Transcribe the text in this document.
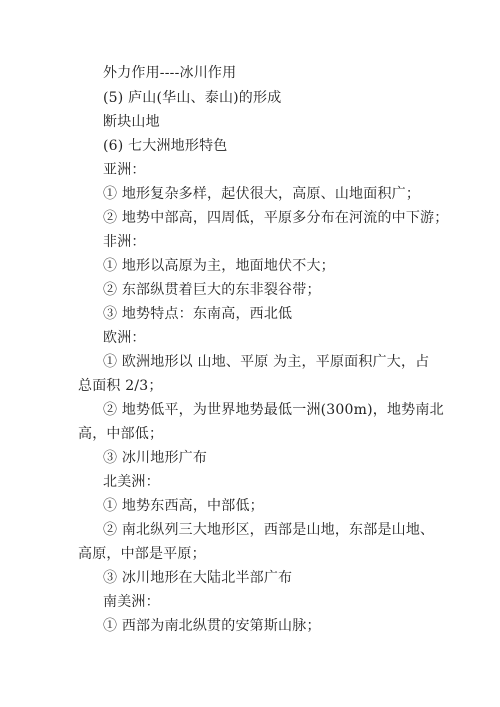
外力作用----冰川作用
(5) 庐山(华山、泰山)的形成
断块山地
(6) 七大洲地形特色
亚洲：
① 地形复杂多样，起伏很大，高原、山地面积广；
② 地势中部高，四周低，平原多分布在河流的中下游；
非洲：
① 地形以高原为主，地面地伏不大；
② 东部纵贯着巨大的东非裂谷带；
③ 地势特点：东南高，西北低
欧洲：
① 欧洲地形以 山地、平原 为主，平原面积广大，占
总面积 2/3；
② 地势低平，为世界地势最低一洲(300m)，地势南北
高，中部低；
③ 冰川地形广布
北美洲：
① 地势东西高，中部低；
② 南北纵列三大地形区，西部是山地，东部是山地、
高原，中部是平原；
③ 冰川地形在大陆北半部广布
南美洲：
① 西部为南北纵贯的安第斯山脉；
